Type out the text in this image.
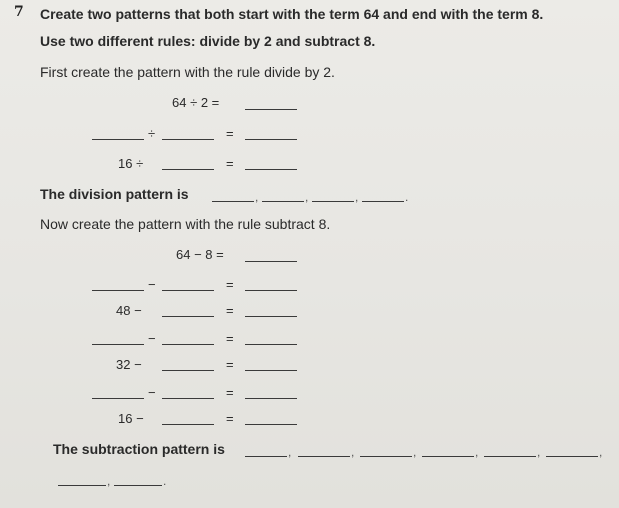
7 Create two patterns that both start with the term 64 and end with the term 8.
Use two different rules: divide by 2 and subtract 8.
First create the pattern with the rule divide by 2.
64 ÷ 2 =
÷	=
16 ÷	=
The division pattern is	,	,	,	.
Now create the pattern with the rule subtract 8.
64 − 8 =
−	=
48 −	=
−	=
32 −	=
−	=
16 −	=
The subtraction pattern is	,	,	,	,	,	,
,	.
